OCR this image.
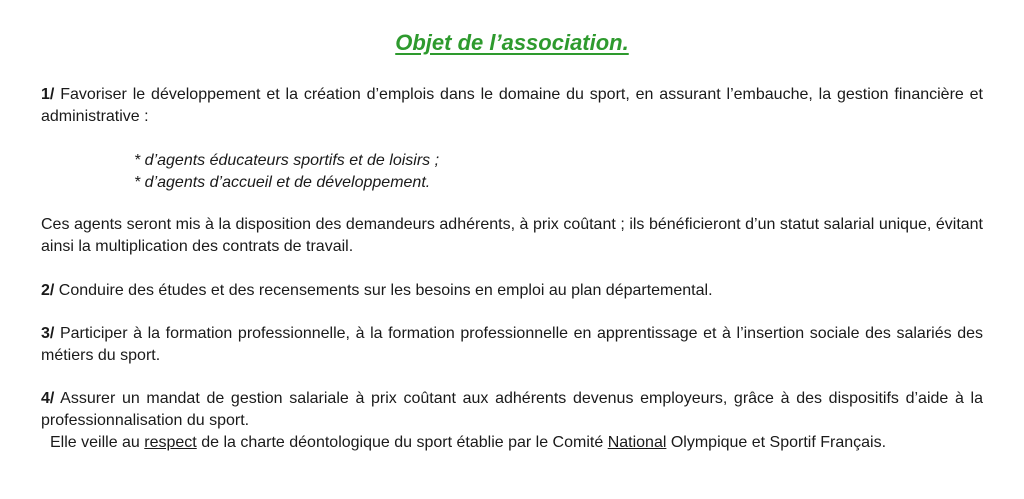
Objet de l’association.

1/ Favoriser le développement et la création d’emplois dans le domaine du sport, en assurant l’embauche, la gestion financière et administrative :

* d’agents éducateurs sportifs et de loisirs ;
* d’agents d’accueil et de développement.

Ces agents seront mis à la disposition des demandeurs adhérents, à prix coûtant ; ils bénéficieront d’un statut salarial unique, évitant ainsi la multiplication des contrats de travail.

2/ Conduire des études et des recensements sur les besoins en emploi au plan départemental.

3/ Participer à la formation professionnelle, à la formation professionnelle en apprentissage et à l’insertion sociale des salariés des métiers du sport.

4/ Assurer un mandat de gestion salariale à prix coûtant aux adhérents devenus employeurs, grâce à des dispositifs d’aide à la professionnalisation du sport.

Elle veille au respect de la charte déontologique du sport établie par le Comité National Olympique et Sportif Français.
